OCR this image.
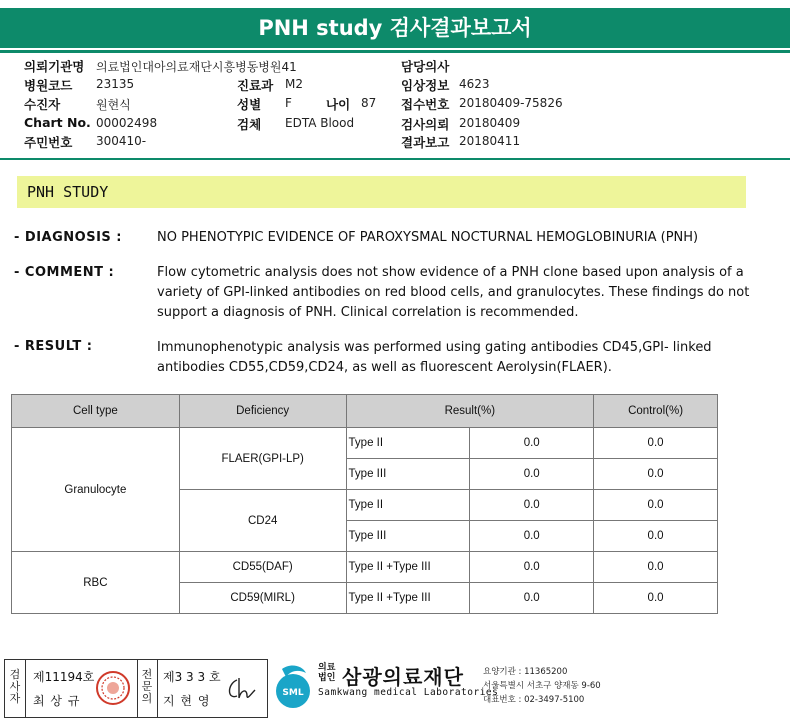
PNH study 검사결과보고서
의뢰기관명 의료법인대아의료재단시흥병동병원41
병원코드 23135
수진자	원현식
Chart No. 00002498
주민번호 300410-
진료과 M2
성별 F	나이 87
검체 EDTA Blood
담당의사
임상정보 4623
접수번호 20180409-75826
검사의뢰 20180409
결과보고 20180411
PNH STUDY
- DIAGNOSIS :	NO PHENOTYPIC EVIDENCE OF PAROXYSMAL NOCTURNAL HEMOGLOBINURIA (PNH)
- COMMENT :	Flow cytometric analysis does not show evidence of a PNH clone based upon analysis of a variety of GPI-linked antibodies on red blood cells, and granulocytes. These findings do not support a diagnosis of PNH. Clinical correlation is recommended.
- RESULT :	Immunophenotypic analysis was performed using gating antibodies CD45,GPI- linked antibodies CD55,CD59,CD24, as well as fluorescent Aerolysin(FLAER).
Cell type	Deficiency	Result(%)		Control(%)
Granulocyte	FLAER(GPI-LP)	Type II	0.0	0.0
		Type III	0.0	0.0
	CD24	Type II	0.0	0.0
		Type III	0.0	0.0
RBC	CD55(DAF)	Type II +Type III	0.0	0.0
	CD59(MIRL)	Type II +Type III	0.0	0.0
검사자
제11194호
최 상 규
전문의
제3 3 3 호
지 현 영
SML
의료
법인 삼광의료재단
Samkwang medical Laboratories
요양기관 : 11365200
서울특별시 서초구 양재동 9-60
대표번호 : 02-3497-5100
